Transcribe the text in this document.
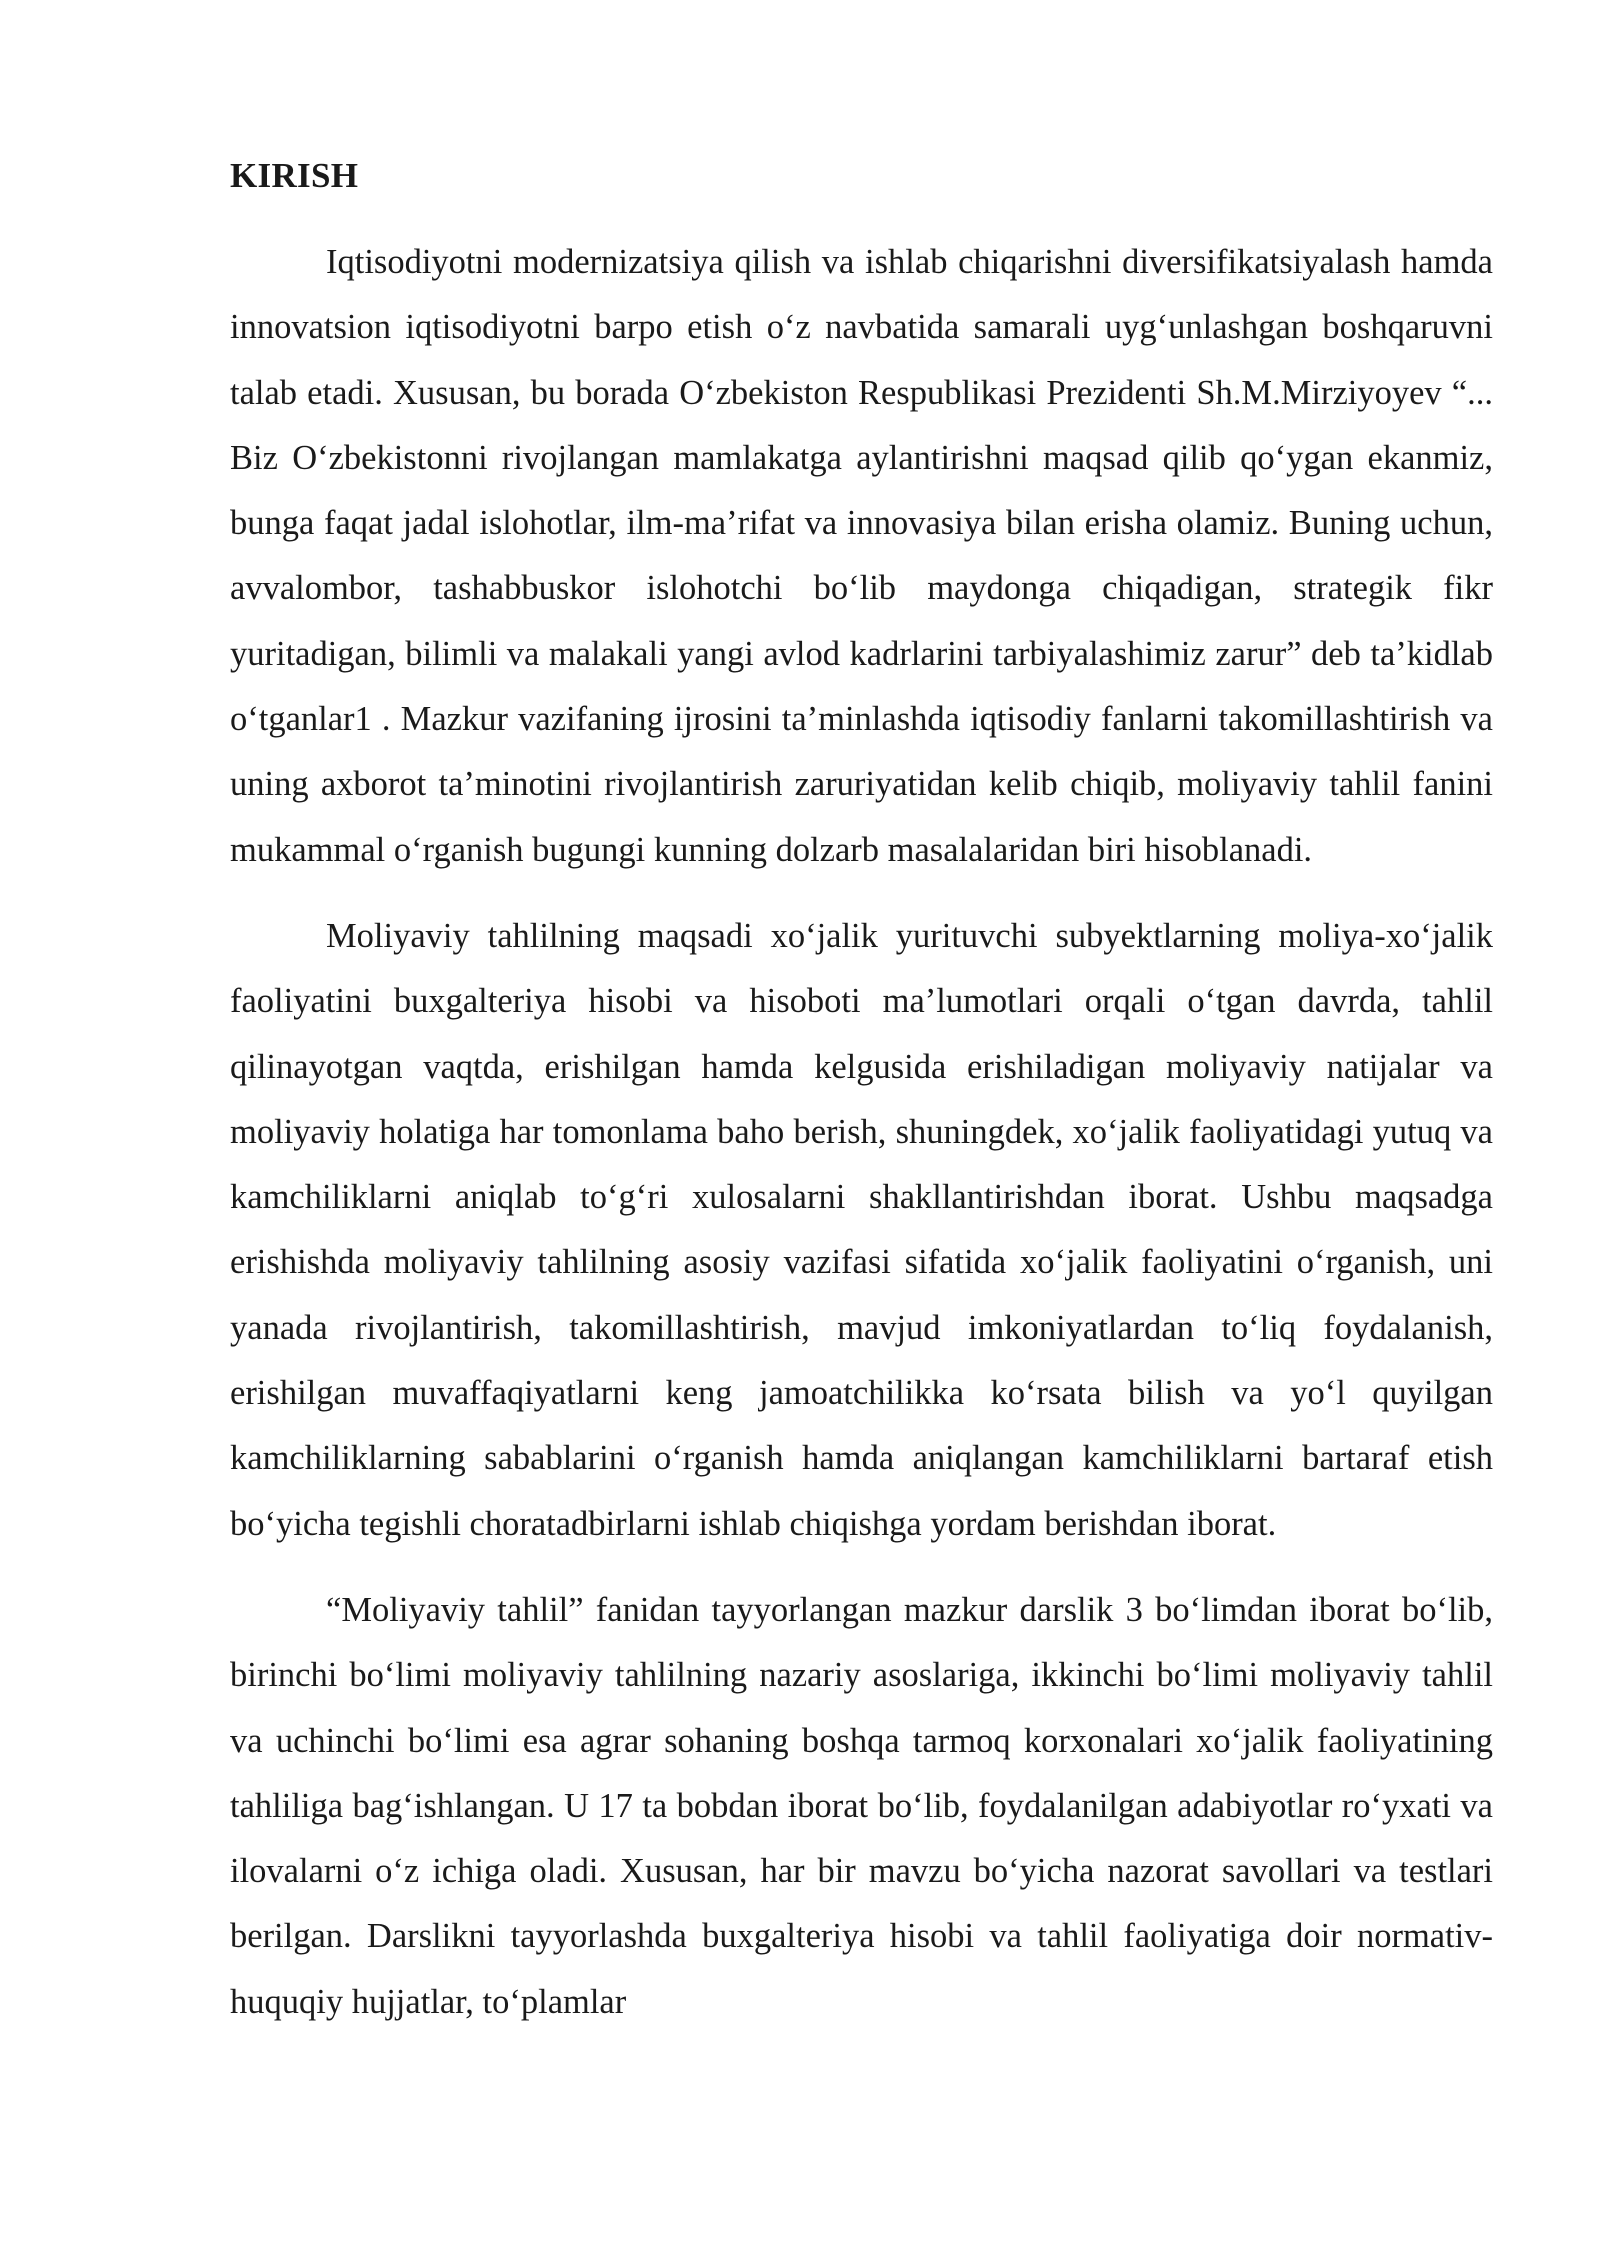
KIRISH

Iqtisodiyotni modernizatsiya qilish va ishlab chiqarishni diversifikatsiyalash hamda innovatsion iqtisodiyotni barpo etish o‘z navbatida samarali uyg‘unlashgan boshqaruvni talab etadi. Xususan, bu borada O‘zbekiston Respublikasi Prezidenti Sh.M.Mirziyoyev “... Biz O‘zbekistonni rivojlangan mamlakatga aylantirishni maqsad qilib qo‘ygan ekanmiz, bunga faqat jadal islohotlar, ilm-ma’rifat va innovasiya bilan erisha olamiz. Buning uchun, avvalombor, tashabbuskor islohotchi bo‘lib maydonga chiqadigan, strategik fikr yuritadigan, bilimli va malakali yangi avlod kadrlarini tarbiyalashimiz zarur” deb ta’kidlab o‘tganlar1 . Mazkur vazifaning ijrosini ta’minlashda iqtisodiy fanlarni takomillashtirish va uning axborot ta’minotini rivojlantirish zaruriyatidan kelib chiqib, moliyaviy tahlil fanini mukammal o‘rganish bugungi kunning dolzarb masalalaridan biri hisoblanadi.

Moliyaviy tahlilning maqsadi xo‘jalik yurituvchi subyektlarning moliya-xo‘jalik faoliyatini buxgalteriya hisobi va hisoboti ma’lumotlari orqali o‘tgan davrda, tahlil qilinayotgan vaqtda, erishilgan hamda kelgusida erishiladigan moliyaviy natijalar va moliyaviy holatiga har tomonlama baho berish, shuningdek, xo‘jalik faoliyatidagi yutuq va kamchiliklarni aniqlab to‘g‘ri xulosalarni shakllantirishdan iborat. Ushbu maqsadga erishishda moliyaviy tahlilning asosiy vazifasi sifatida xo‘jalik faoliyatini o‘rganish, uni yanada rivojlantirish, takomillashtirish, mavjud imkoniyatlardan to‘liq foydalanish, erishilgan muvaffaqiyatlarni keng jamoatchilikka ko‘rsata bilish va yo‘l quyilgan kamchiliklarning sabablarini o‘rganish hamda aniqlangan kamchiliklarni bartaraf etish bo‘yicha tegishli choratadbirlarni ishlab chiqishga yordam berishdan iborat.

“Moliyaviy tahlil” fanidan tayyorlangan mazkur darslik 3 bo‘limdan iborat bo‘lib, birinchi bo‘limi moliyaviy tahlilning nazariy asoslariga, ikkinchi bo‘limi moliyaviy tahlil va uchinchi bo‘limi esa agrar sohaning boshqa tarmoq korxonalari xo‘jalik faoliyatining tahliliga bag‘ishlangan. U 17 ta bobdan iborat bo‘lib, foydalanilgan adabiyotlar ro‘yxati va ilovalarni o‘z ichiga oladi. Xususan, har bir mavzu bo‘yicha nazorat savollari va testlari berilgan. Darslikni tayyorlashda buxgalteriya hisobi va tahlil faoliyatiga doir normativ-huquqiy hujjatlar, to‘plamlar
